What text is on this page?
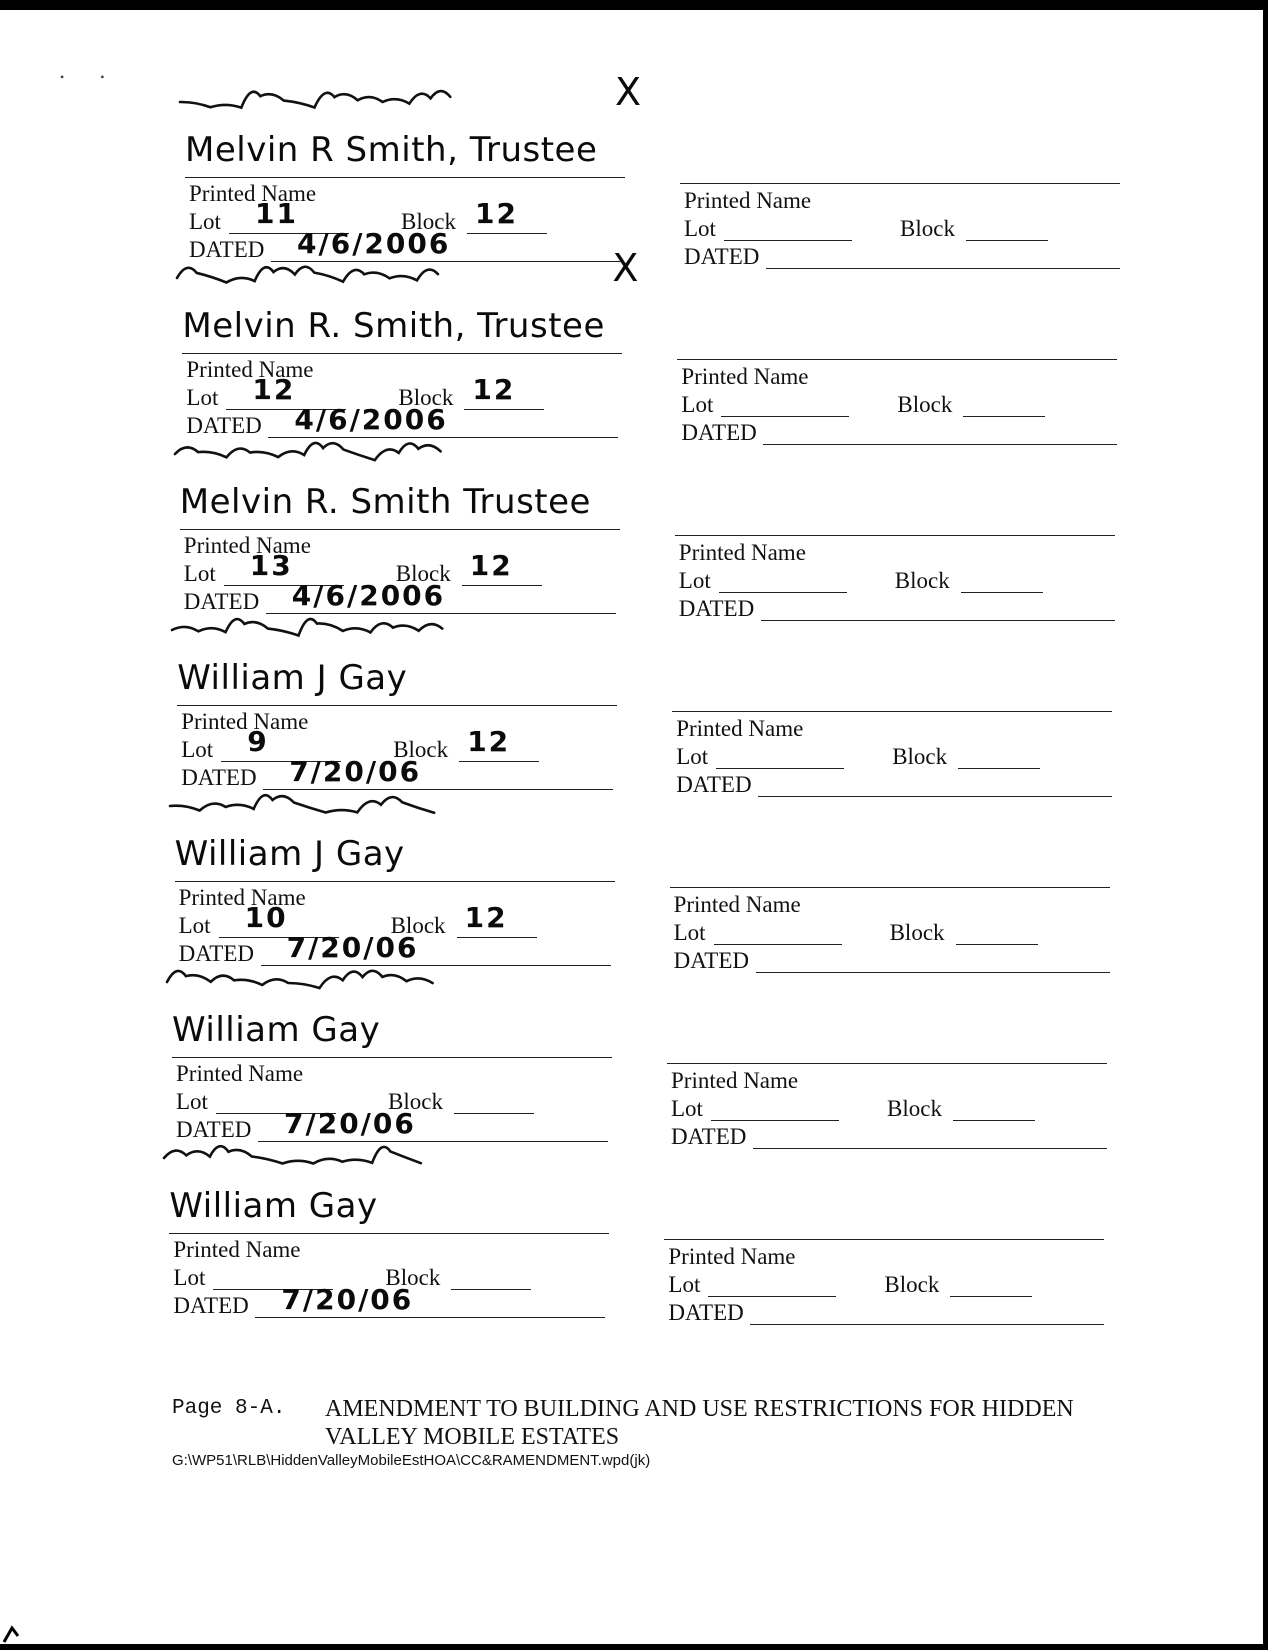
•            •	X
Melvin R Smith, Trustee
Printed Name
Lot 11	Block 12
DATED 4/6/2006
Printed Name
Lot	Block
DATED
X
Melvin R. Smith, Trustee
Printed Name
Lot 12	Block 12
DATED 4/6/2006
Printed Name
Lot	Block
DATED
Melvin R. Smith Trustee
Printed Name
Lot 13	Block 12
DATED 4/6/2006
Printed Name
Lot	Block
DATED
William J Gay
Printed Name
Lot 9	Block 12
DATED 7/20/06
Printed Name
Lot	Block
DATED
William J Gay
Printed Name
Lot 10	Block 12
DATED 7/20/06
Printed Name
Lot	Block
DATED
William Gay
Printed Name
Lot	Block
DATED 7/20/06
Printed Name
Lot	Block
DATED
William Gay
Printed Name
Lot	Block
DATED 7/20/06
Printed Name
Lot	Block
DATED
Page 8-A. AMENDMENT TO BUILDING AND USE RESTRICTIONS FOR HIDDEN VALLEY MOBILE ESTATES
G:\WP51\RLB\HiddenValleyMobileEstHOA\CC&RAMENDMENT.wpd(jk)
